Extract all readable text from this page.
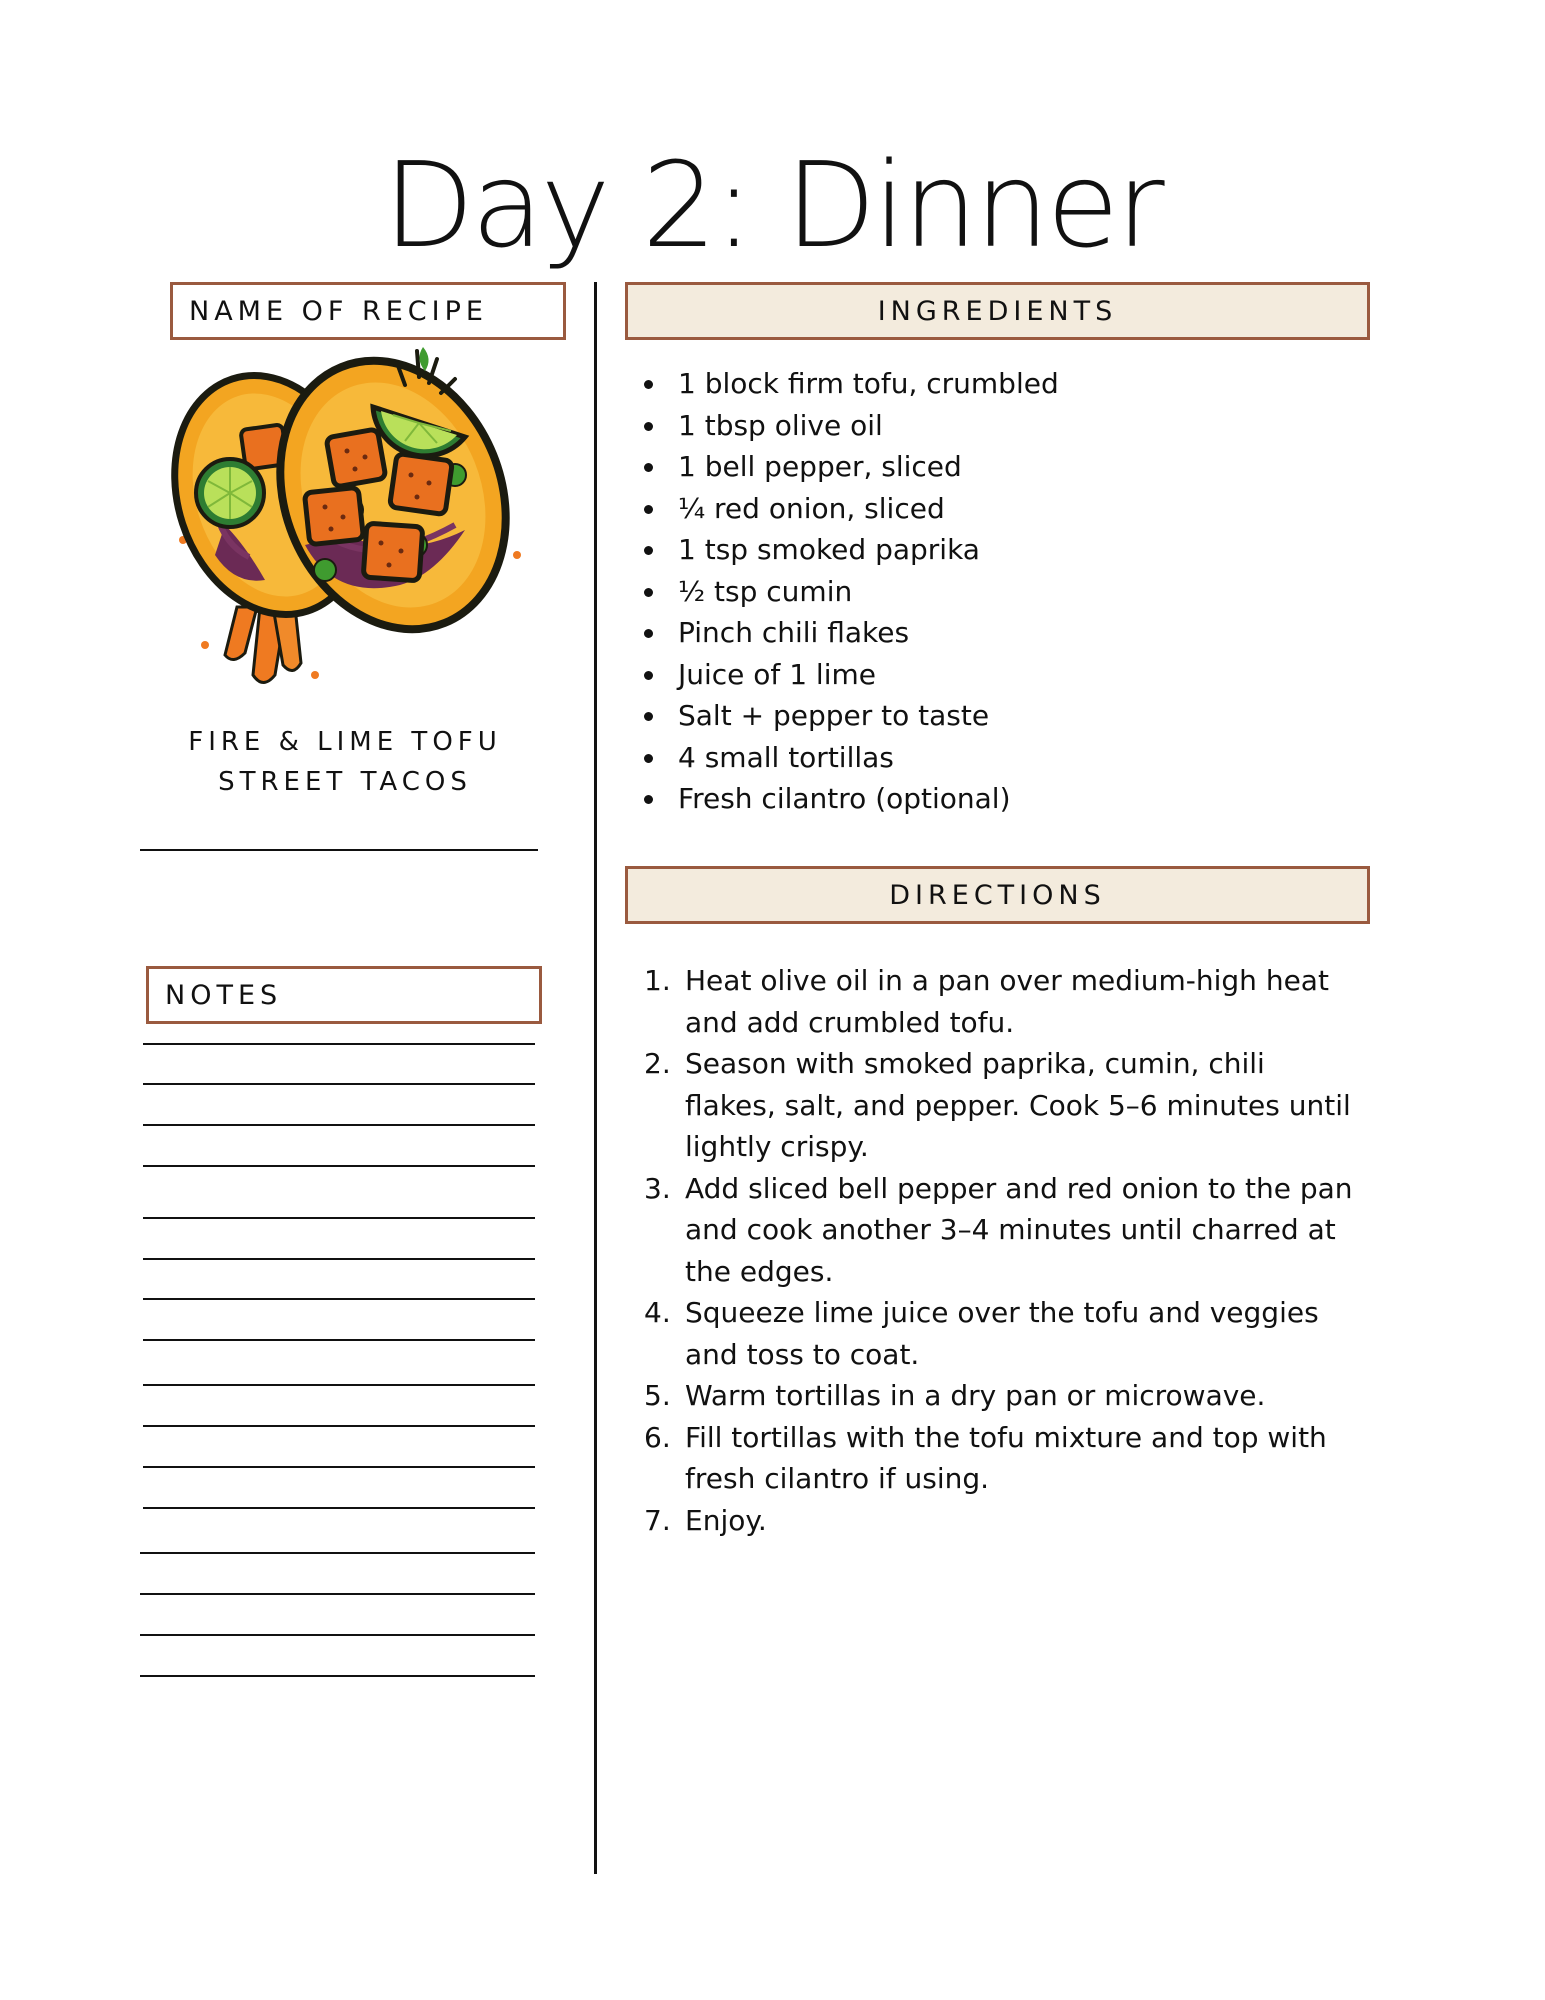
Day 2: Dinner
NAME OF RECIPE
FIRE & LIME TOFU
STREET TACOS
NOTES
INGREDIENTS
1 block firm tofu, crumbled
1 tbsp olive oil
1 bell pepper, sliced
¼ red onion, sliced
1 tsp smoked paprika
½ tsp cumin
Pinch chili flakes
Juice of 1 lime
Salt + pepper to taste
4 small tortillas
Fresh cilantro (optional)
DIRECTIONS
1. Heat olive oil in a pan over medium-high heat and add crumbled tofu.
2. Season with smoked paprika, cumin, chili flakes, salt, and pepper. Cook 5–6 minutes until lightly crispy.
3. Add sliced bell pepper and red onion to the pan and cook another 3–4 minutes until charred at the edges.
4. Squeeze lime juice over the tofu and veggies and toss to coat.
5. Warm tortillas in a dry pan or microwave.
6. Fill tortillas with the tofu mixture and top with fresh cilantro if using.
7. Enjoy.
